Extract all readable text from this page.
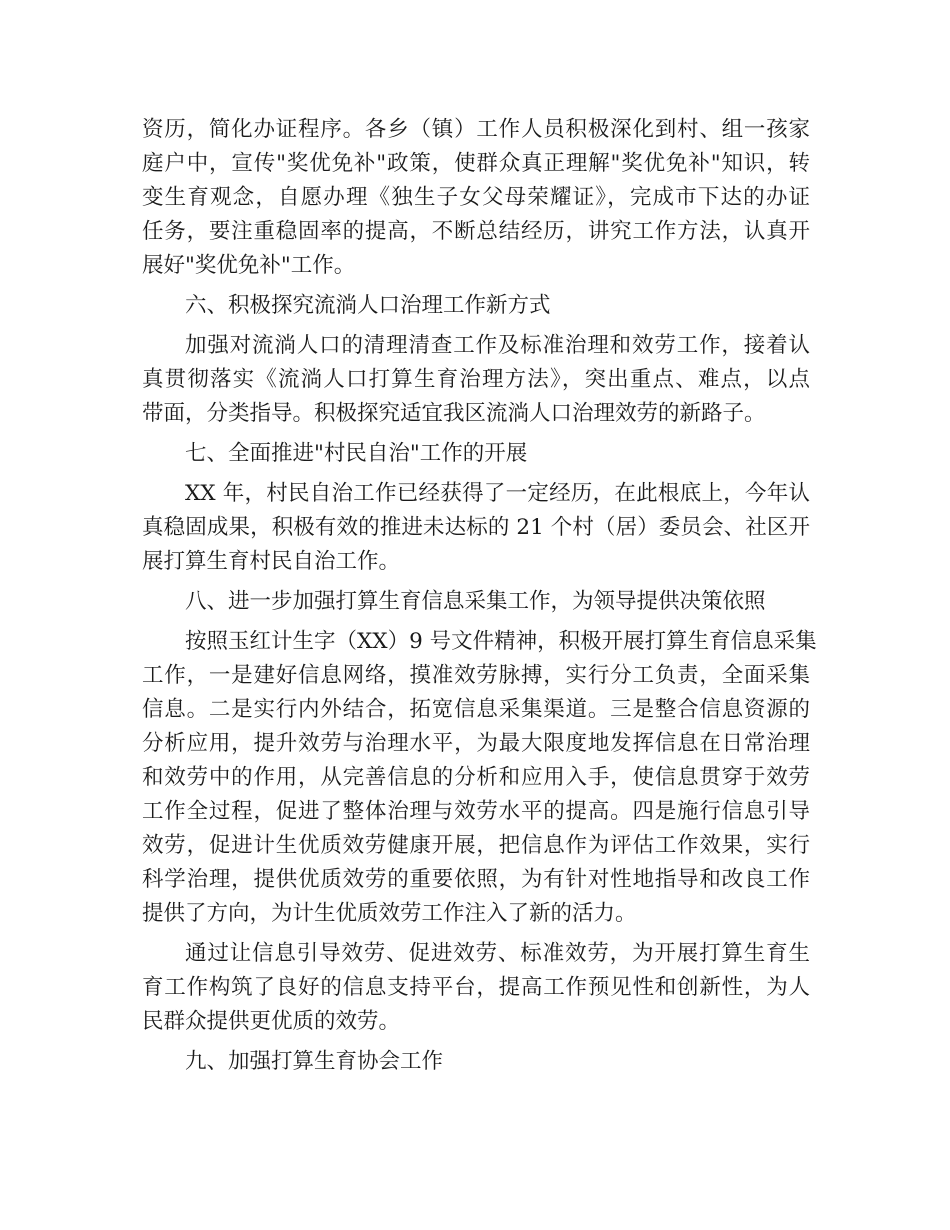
资历，简化办证程序。各乡（镇）工作人员积极深化到村、组一孩家
庭户中，宣传"奖优免补"政策，使群众真正理解"奖优免补"知识，转
变生育观念，自愿办理《独生子女父母荣耀证》，完成市下达的办证
任务，要注重稳固率的提高，不断总结经历，讲究工作方法，认真开
展好"奖优免补"工作。
六、积极探究流淌人口治理工作新方式
加强对流淌人口的清理清查工作及标准治理和效劳工作，接着认
真贯彻落实《流淌人口打算生育治理方法》，突出重点、难点，以点
带面，分类指导。积极探究适宜我区流淌人口治理效劳的新路子。
七、全面推进"村民自治"工作的开展
XX 年，村民自治工作已经获得了一定经历，在此根底上，今年认
真稳固成果，积极有效的推进未达标的 21 个村（居）委员会、社区开
展打算生育村民自治工作。
八、进一步加强打算生育信息采集工作，为领导提供决策依照
按照玉红计生字（XX）9 号文件精神，积极开展打算生育信息采集
工作，一是建好信息网络，摸准效劳脉搏，实行分工负责，全面采集
信息。二是实行内外结合，拓宽信息采集渠道。三是整合信息资源的
分析应用，提升效劳与治理水平，为最大限度地发挥信息在日常治理
和效劳中的作用，从完善信息的分析和应用入手，使信息贯穿于效劳
工作全过程，促进了整体治理与效劳水平的提高。四是施行信息引导
效劳，促进计生优质效劳健康开展，把信息作为评估工作效果，实行
科学治理，提供优质效劳的重要依照，为有针对性地指导和改良工作
提供了方向，为计生优质效劳工作注入了新的活力。
通过让信息引导效劳、促进效劳、标准效劳，为开展打算生育生
育工作构筑了良好的信息支持平台，提高工作预见性和创新性，为人
民群众提供更优质的效劳。
九、加强打算生育协会工作
